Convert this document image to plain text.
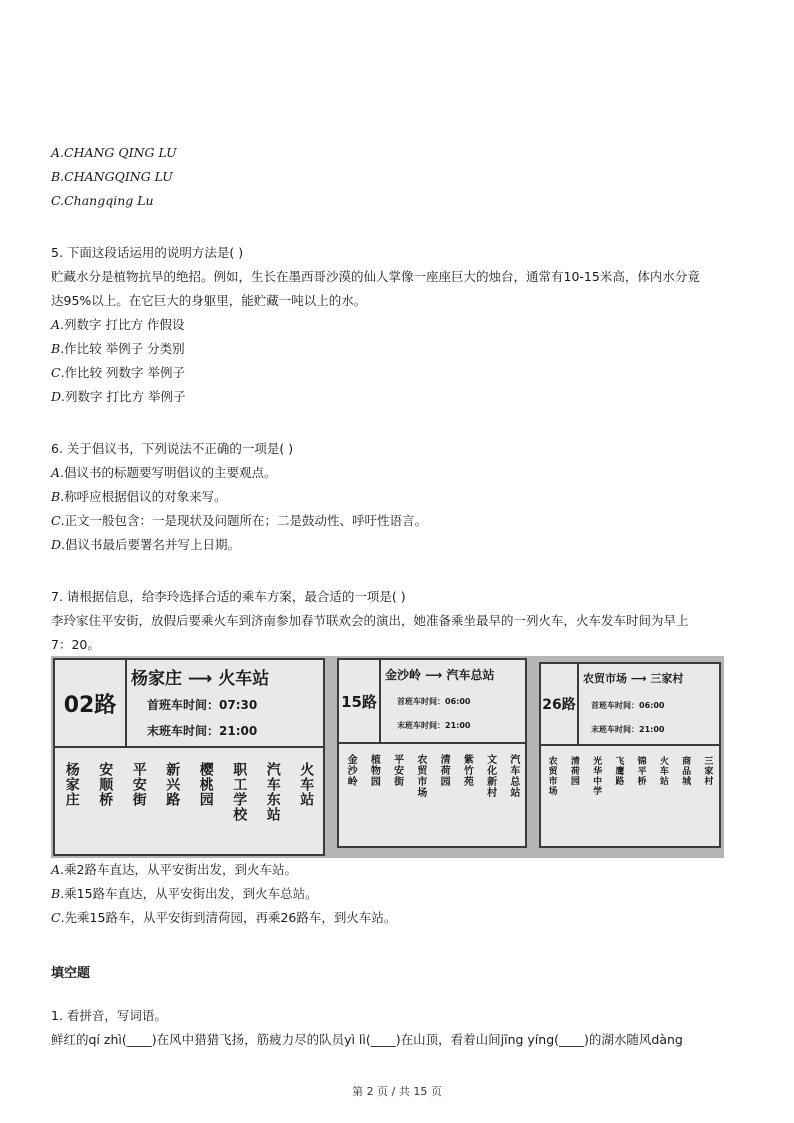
A.CHANG QING LU
B.CHANGQING LU
C.Changqing Lu
5. 下面这段话运用的说明方法是( )
贮藏水分是植物抗旱的绝招。例如，生长在墨西哥沙漠的仙人掌像一座座巨大的烛台，通常有10-15米高，体内水分竟
达95%以上。在它巨大的身躯里，能贮藏一吨以上的水。
A.列数字 打比方 作假设
B.作比较 举例子 分类别
C.作比较 列数字 举例子
D.列数字 打比方 举例子
6. 关于倡议书，下列说法不正确的一项是( )
A.倡议书的标题要写明倡议的主要观点。
B.称呼应根据倡议的对象来写。
C.正文一般包含：一是现状及问题所在；二是鼓动性、呼吁性语言。
D.倡议书最后要署名并写上日期。
7. 请根据信息，给李玲选择合适的乘车方案，最合适的一项是( )
李玲家住平安街，放假后要乘火车到济南参加春节联欢会的演出，她准备乘坐最早的一列火车，火车发车时间为早上
7：20。
02路
杨家庄 ⟶ 火车站
首班车时间：07:30
末班车时间：21:00
杨家庄 安顺桥 平安街 新兴路 樱桃园 职工学校 汽车东站 火车站
15路
金沙岭 ⟶ 汽车总站
首班车时间：06:00
末班车时间：21:00
金沙岭 植物园 平安街 农贸市场 清荷园 紫竹苑 文化新村 汽车总站
26路
农贸市场 ⟶ 三家村
首班车时间：06:00
末班车时间：21:00
农贸市场 清荷园 光华中学 飞鹰路 锦平桥 火车站 商品城 三家村
A.乘2路车直达，从平安街出发，到火车站。
B.乘15路车直达，从平安街出发，到火车总站。
C.先乘15路车，从平安街到清荷园，再乘26路车，到火车站。
填空题
1. 看拼音，写词语。
鲜红的qí zhì(____)在风中猎猎飞扬，筋疲力尽的队员yì lì(____)在山顶，看着山间jīng yíng(____)的湖水随风dàng
第 2 页 / 共 15 页
